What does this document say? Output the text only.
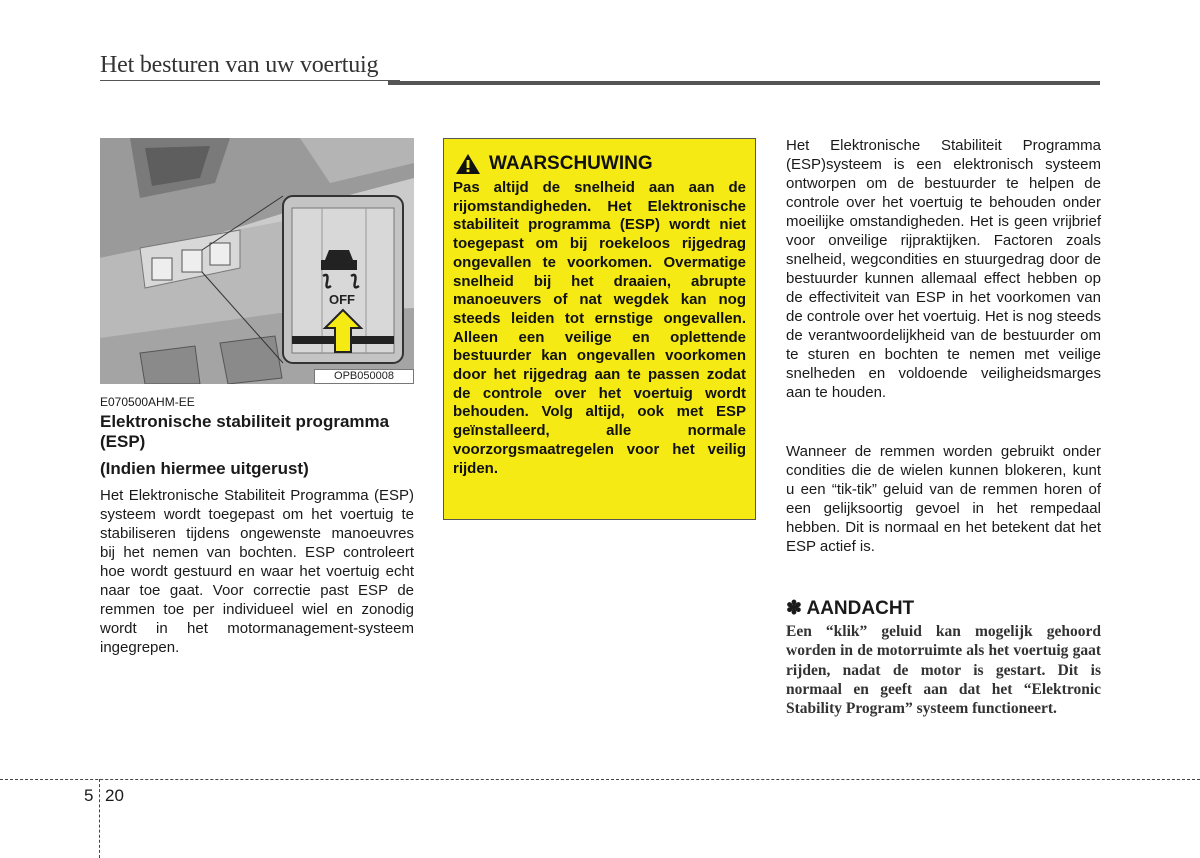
Het besturen van uw voertuig
OFF
OPB050008
E070500AHM-EE
Elektronische stabiliteit programma (ESP)
(Indien hiermee uitgerust)

Het Elektronische Stabiliteit Programma (ESP) systeem wordt toegepast om het voertuig te stabiliseren tijdens ongewenste manoeuvres bij het nemen van bochten. ESP controleert hoe wordt gestuurd en waar het voertuig echt naar toe gaat. Voor correctie past ESP de remmen toe per individueel wiel en zonodig wordt in het motormanagement-systeem ingegrepen.

WAARSCHUWING

Pas altijd de snelheid aan aan de rijomstandigheden. Het Elektronische stabiliteit programma (ESP) wordt niet toegepast om bij roekeloos rijgedrag ongevallen te voorkomen. Overmatige snelheid bij het draaien, abrupte manoeuvers of nat wegdek kan nog steeds leiden tot ernstige ongevallen. Alleen een veilige en oplettende bestuurder kan ongevallen voorkomen door het rijgedrag aan te passen zodat de controle over het voertuig wordt behouden. Volg altijd, ook met ESP geïnstalleerd, alle normale voorzorgsmaatregelen voor het veilig rijden.

Het Elektronische Stabiliteit Programma (ESP)systeem is een elektronisch systeem ontworpen om de bestuurder te helpen de controle over het voertuig te behouden onder moeilijke omstandigheden. Het is geen vrijbrief voor onveilige rijpraktijken. Factoren zoals snelheid, wegcondities en stuurgedrag door de bestuurder kunnen allemaal effect hebben op de effectiviteit van ESP in het voorkomen van de controle over het voertuig. Het is nog steeds de verantwoordelijkheid van de bestuurder om te sturen en bochten te nemen met veilige snelheden en voldoende veiligheidsmarges aan te houden.

Wanneer de remmen worden gebruikt onder condities die de wielen kunnen blokeren, kunt u een “tik-tik” geluid van de remmen horen of een gelijksoortig gevoel in het rempedaal hebben. Dit is normaal en het betekent dat het ESP actief is.

✽ AANDACHT

Een “klik” geluid kan mogelijk gehoord worden in de motorruimte als het voertuig gaat rijden, nadat de motor is gestart. Dit is normaal en geeft aan dat het “Elektronic Stability Program” systeem functioneert.

5 20
